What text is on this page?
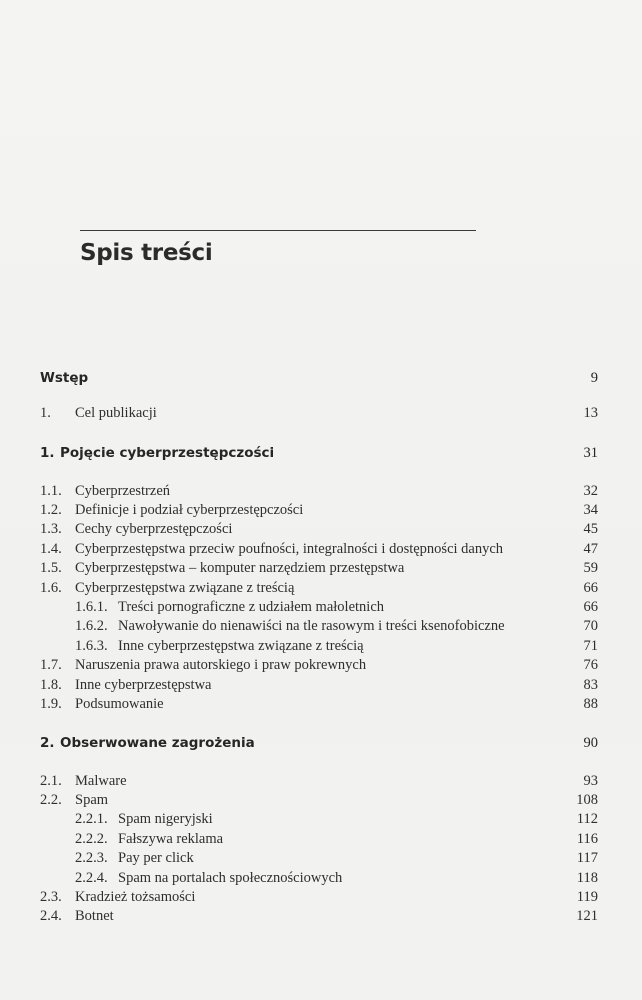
Spis treści
Wstęp	9
1. Cel publikacji	13
1. Pojęcie cyberprzestępczości	31
1.1. Cyberprzestrzeń	32
1.2. Definicje i podział cyberprzestępczości	34
1.3. Cechy cyberprzestępczości	45
1.4. Cyberprzestępstwa przeciw poufności, integralności i dostępności danych	47
1.5. Cyberprzestępstwa – komputer narzędziem przestępstwa	59
1.6. Cyberprzestępstwa związane z treścią	66
1.6.1. Treści pornograficzne z udziałem małoletnich	66
1.6.2. Nawoływanie do nienawiści na tle rasowym i treści ksenofobiczne	70
1.6.3. Inne cyberprzestępstwa związane z treścią	71
1.7. Naruszenia prawa autorskiego i praw pokrewnych	76
1.8. Inne cyberprzestępstwa	83
1.9. Podsumowanie	88
2. Obserwowane zagrożenia	90
2.1. Malware	93
2.2. Spam	108
2.2.1. Spam nigeryjski	112
2.2.2. Fałszywa reklama	116
2.2.3. Pay per click	117
2.2.4. Spam na portalach społecznościowych	118
2.3. Kradzież tożsamości	119
2.4. Botnet	121
